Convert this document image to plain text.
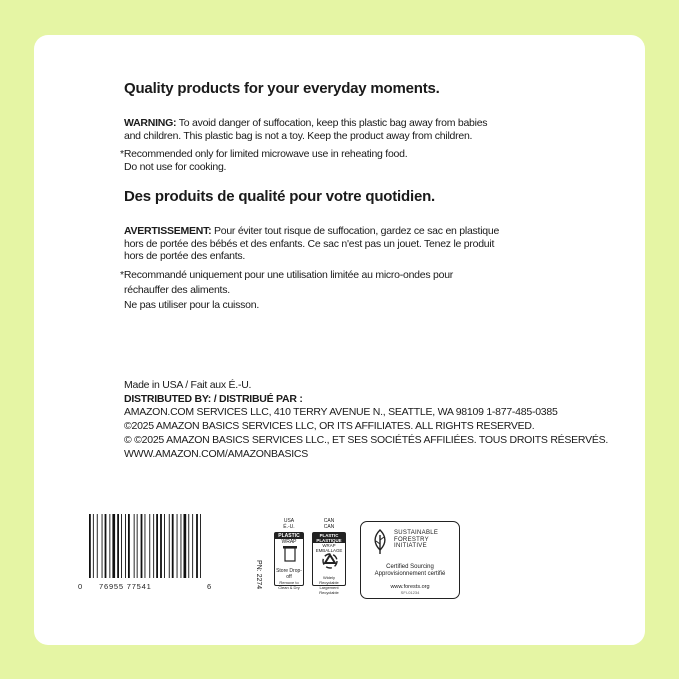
Quality products for your everyday moments.
WARNING: To avoid danger of suffocation, keep this plastic bag away from babies
and children. This plastic bag is not a toy. Keep the product away from children.
*Recommended only for limited microwave use in reheating food.
Do not use for cooking.
Des produits de qualité pour votre quotidien.
AVERTISSEMENT: Pour éviter tout risque de suffocation, gardez ce sac en plastique
hors de portée des bébés et des enfants. Ce sac n'est pas un jouet. Tenez le produit
hors de portée des enfants.
*Recommandé uniquement pour une utilisation limitée au micro-ondes pour
réchauffer des aliments.
Ne pas utiliser pour la cuisson.
Made in USA / Fait aux É.-U.
DISTRIBUTED BY: / DISTRIBUÉ PAR :
AMAZON.COM SERVICES LLC, 410 TERRY AVENUE N., SEATTLE, WA 98109 1-877-485-0385
©2025 AMAZON BASICS SERVICES LLC, OR ITS AFFILIATES. ALL RIGHTS RESERVED.
© ©2025 AMAZON BASICS SERVICES LLC., ET SES SOCIÉTÉS AFFILIÉES. TOUS DROITS RÉSERVÉS.
WWW.AMAZON.COM/AMAZONBASICS
0 76955 77541	6	PN: 2274
USA
É.-U.
PLASTIC
WRAP
Store Drop-off
Remove to Clean & Dry
CAN
CAN
PLASTIC PLASTIQUE
WRAP EMBALLAGE
Widely Recyclable
Largement Recyclable
SUSTAINABLE
FORESTRY
INITIATIVE
Certified Sourcing
Approvisionnement certifié
www.forests.org
SFI-01234
